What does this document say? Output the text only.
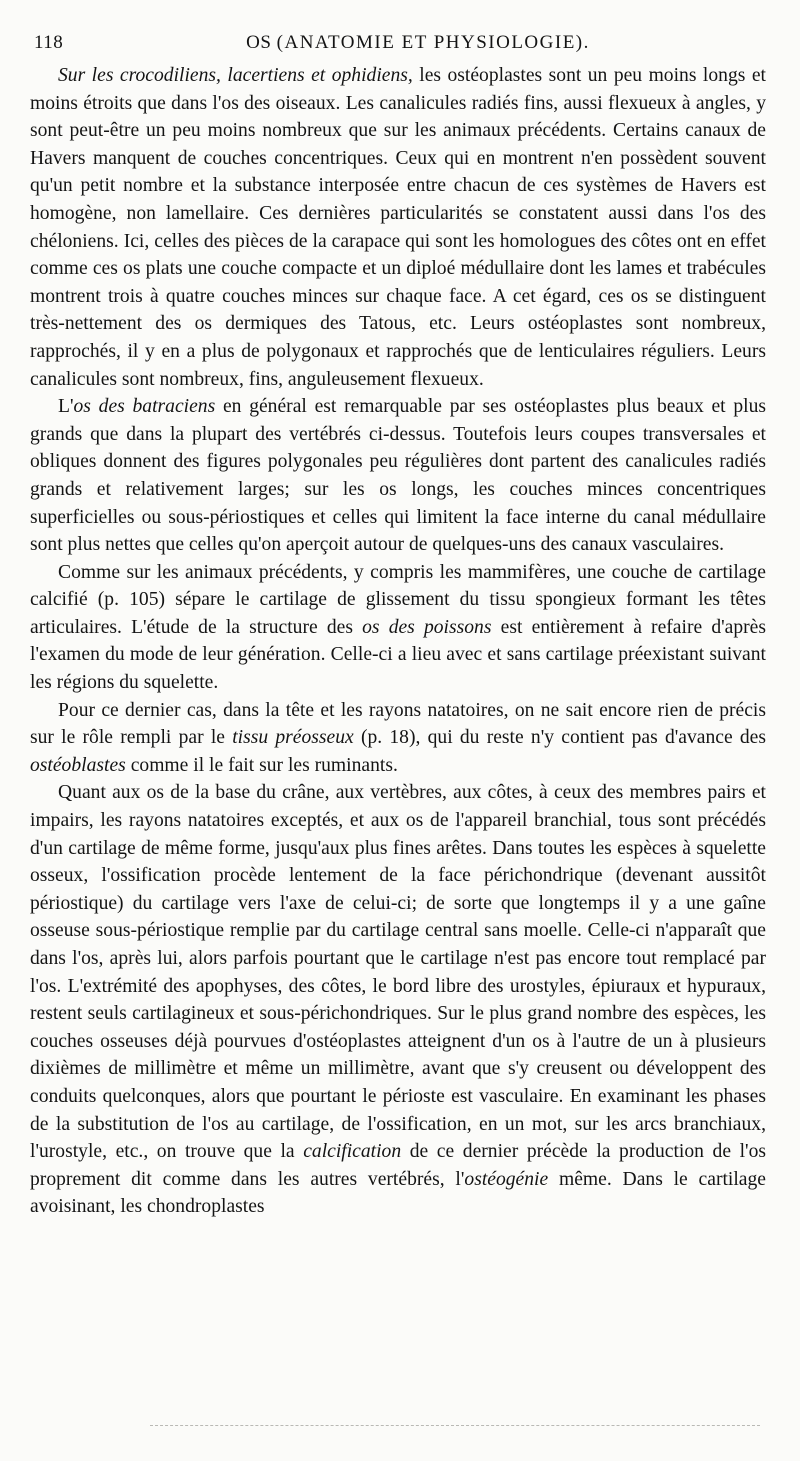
118	OS (ANATOMIE ET PHYSIOLOGIE).

Sur les crocodiliens, lacertiens et ophidiens, les ostéoplastes sont un peu moins longs et moins étroits que dans l'os des oiseaux. Les canalicules radiés fins, aussi flexueux à angles, y sont peut-être un peu moins nombreux que sur les animaux précédents. Certains canaux de Havers manquent de couches concentriques. Ceux qui en montrent n'en possèdent souvent qu'un petit nombre et la substance interposée entre chacun de ces systèmes de Havers est homogène, non lamellaire. Ces dernières particularités se constatent aussi dans l'os des chéloniens. Ici, celles des pièces de la carapace qui sont les homologues des côtes ont en effet comme ces os plats une couche compacte et un diploé médullaire dont les lames et trabécules montrent trois à quatre couches minces sur chaque face. A cet égard, ces os se distinguent très-nettement des os dermiques des Tatous, etc. Leurs ostéoplastes sont nombreux, rapprochés, il y en a plus de polygonaux et rapprochés que de lenticulaires réguliers. Leurs canalicules sont nombreux, fins, anguleusement flexueux.

L'os des batraciens en général est remarquable par ses ostéoplastes plus beaux et plus grands que dans la plupart des vertébrés ci-dessus. Toutefois leurs coupes transversales et obliques donnent des figures polygonales peu régulières dont partent des canalicules radiés grands et relativement larges; sur les os longs, les couches minces concentriques superficielles ou sous-périostiques et celles qui limitent la face interne du canal médullaire sont plus nettes que celles qu'on aperçoit autour de quelques-uns des canaux vasculaires.

Comme sur les animaux précédents, y compris les mammifères, une couche de cartilage calcifié (p. 105) sépare le cartilage de glissement du tissu spongieux formant les têtes articulaires. L'étude de la structure des os des poissons est entièrement à refaire d'après l'examen du mode de leur génération. Celle-ci a lieu avec et sans cartilage préexistant suivant les régions du squelette.

Pour ce dernier cas, dans la tête et les rayons natatoires, on ne sait encore rien de précis sur le rôle rempli par le tissu préosseux (p. 18), qui du reste n'y contient pas d'avance des ostéoblastes comme il le fait sur les ruminants.

Quant aux os de la base du crâne, aux vertèbres, aux côtes, à ceux des membres pairs et impairs, les rayons natatoires exceptés, et aux os de l'appareil branchial, tous sont précédés d'un cartilage de même forme, jusqu'aux plus fines arêtes. Dans toutes les espèces à squelette osseux, l'ossification procède lentement de la face périchondrique (devenant aussitôt périostique) du cartilage vers l'axe de celui-ci; de sorte que longtemps il y a une gaîne osseuse sous-périostique remplie par du cartilage central sans moelle. Celle-ci n'apparaît que dans l'os, après lui, alors parfois pourtant que le cartilage n'est pas encore tout remplacé par l'os. L'extrémité des apophyses, des côtes, le bord libre des urostyles, épiuraux et hypuraux, restent seuls cartilagineux et sous-périchondriques. Sur le plus grand nombre des espèces, les couches osseuses déjà pourvues d'ostéoplastes atteignent d'un os à l'autre de un à plusieurs dixièmes de millimètre et même un millimètre, avant que s'y creusent ou développent des conduits quelconques, alors que pourtant le périoste est vasculaire. En examinant les phases de la substitution de l'os au cartilage, de l'ossification, en un mot, sur les arcs branchiaux, l'urostyle, etc., on trouve que la calcification de ce dernier précède la production de l'os proprement dit comme dans les autres vertébrés, l'ostéogénie même. Dans le cartilage avoisinant, les chondroplastes
